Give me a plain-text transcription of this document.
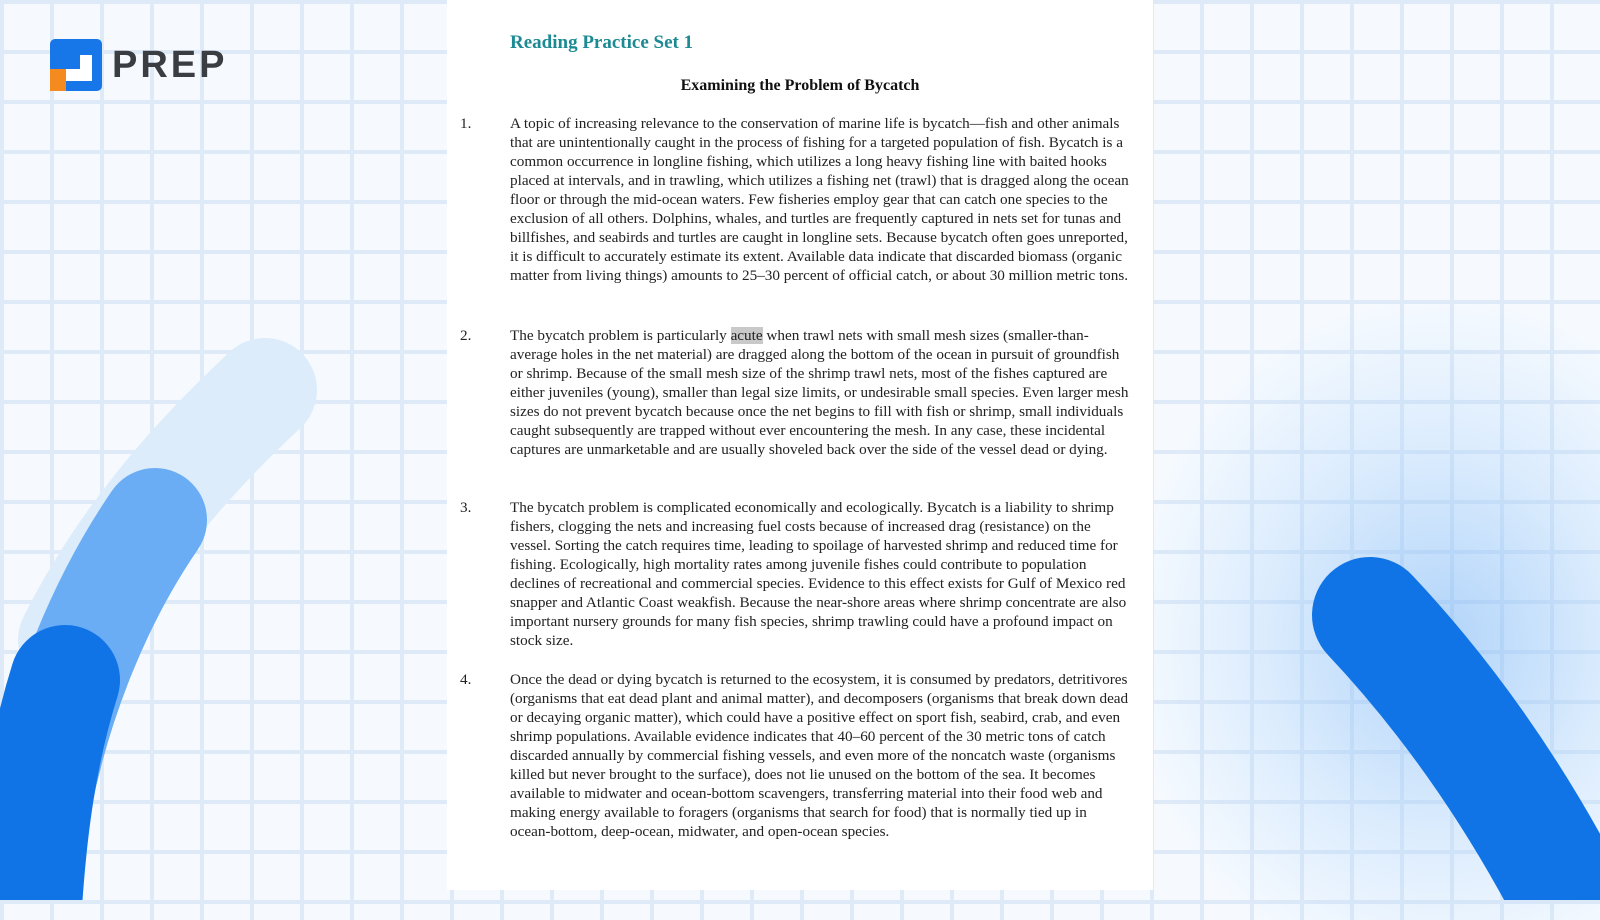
PREP
Reading Practice Set 1
Examining the Problem of Bycatch
1.	A topic of increasing relevance to the conservation of marine life is bycatch—fish and other animals that are unintentionally caught in the process of fishing for a targeted population of fish. Bycatch is a common occurrence in longline fishing, which utilizes a long heavy fishing line with baited hooks placed at intervals, and in trawling, which utilizes a fishing net (trawl) that is dragged along the ocean floor or through the mid-ocean waters. Few fisheries employ gear that can catch one species to the exclusion of all others. Dolphins, whales, and turtles are frequently captured in nets set for tunas and billfishes, and seabirds and turtles are caught in longline sets. Because bycatch often goes unreported, it is difficult to accurately estimate its extent. Available data indicate that discarded biomass (organic matter from living things) amounts to 25–30 percent of official catch, or about 30 million metric tons.
2.	The bycatch problem is particularly acute when trawl nets with small mesh sizes (smaller-than-average holes in the net material) are dragged along the bottom of the ocean in pursuit of groundfish or shrimp. Because of the small mesh size of the shrimp trawl nets, most of the fishes captured are either juveniles (young), smaller than legal size limits, or undesirable small species. Even larger mesh sizes do not prevent bycatch because once the net begins to fill with fish or shrimp, small individuals caught subsequently are trapped without ever encountering the mesh. In any case, these incidental captures are unmarketable and are usually shoveled back over the side of the vessel dead or dying.
3.	The bycatch problem is complicated economically and ecologically. Bycatch is a liability to shrimp fishers, clogging the nets and increasing fuel costs because of increased drag (resistance) on the vessel. Sorting the catch requires time, leading to spoilage of harvested shrimp and reduced time for fishing. Ecologically, high mortality rates among juvenile fishes could contribute to population declines of recreational and commercial species. Evidence to this effect exists for Gulf of Mexico red snapper and Atlantic Coast weakfish. Because the near-shore areas where shrimp concentrate are also important nursery grounds for many fish species, shrimp trawling could have a profound impact on stock size.
4.	Once the dead or dying bycatch is returned to the ecosystem, it is consumed by predators, detritivores (organisms that eat dead plant and animal matter), and decomposers (organisms that break down dead or decaying organic matter), which could have a positive effect on sport fish, seabird, crab, and even shrimp populations. Available evidence indicates that 40–60 percent of the 30 metric tons of catch discarded annually by commercial fishing vessels, and even more of the noncatch waste (organisms killed but never brought to the surface), does not lie unused on the bottom of the sea. It becomes available to midwater and ocean-bottom scavengers, transferring material into their food web and making energy available to foragers (organisms that search for food) that is normally tied up in ocean-bottom, deep-ocean, midwater, and open-ocean species.
